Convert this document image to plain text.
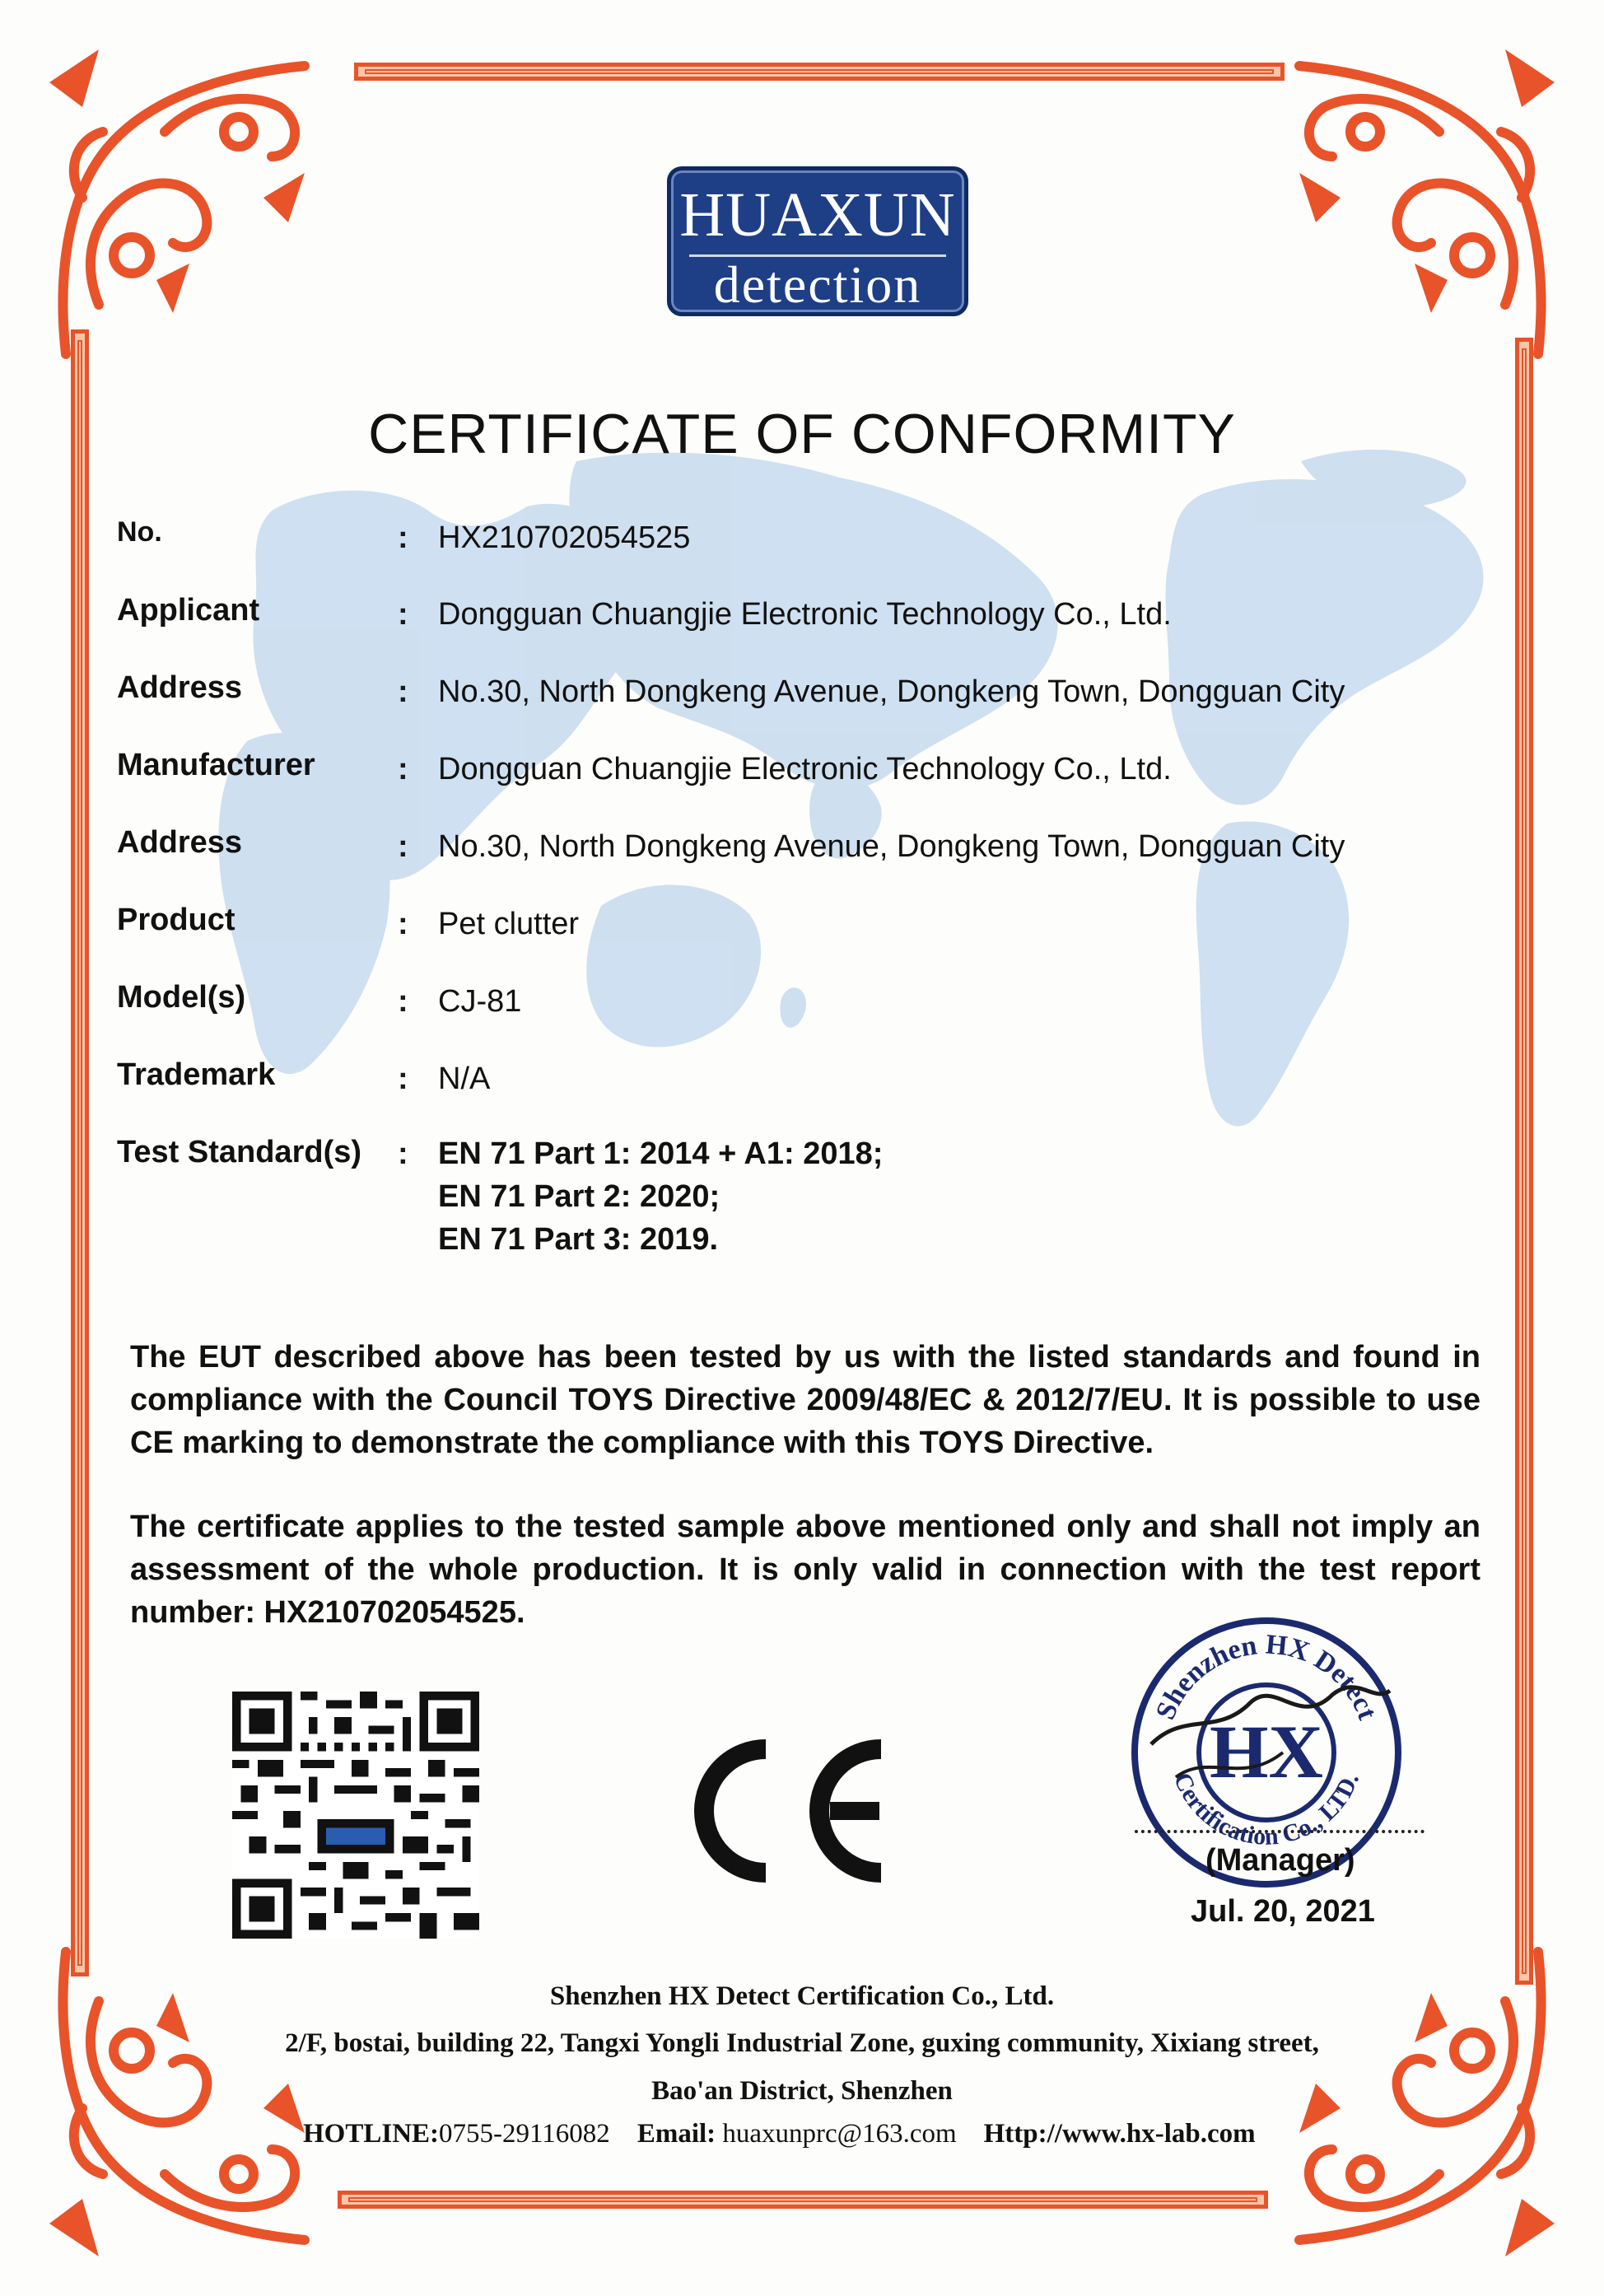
HUAXUN
detection
CERTIFICATE OF CONFORMITY
No.	: HX210702054525
Applicant	: Dongguan Chuangjie Electronic Technology Co., Ltd.
Address	: No.30, North Dongkeng Avenue, Dongkeng Town, Dongguan City
Manufacturer	: Dongguan Chuangjie Electronic Technology Co., Ltd.
Address	: No.30, North Dongkeng Avenue, Dongkeng Town, Dongguan City
Product	: Pet clutter
Model(s)	: CJ-81
Trademark	: N/A
Test Standard(s) : EN 71 Part 1: 2014 + A1: 2018;
EN 71 Part 2: 2020;
EN 71 Part 3: 2019.
The EUT described above has been tested by us with the listed standards and found in compliance with the Council TOYS Directive 2009/48/EC & 2012/7/EU. It is possible to use CE marking to demonstrate the compliance with this TOYS Directive.
The certificate applies to the tested sample above mentioned only and shall not imply an assessment of the whole production. It is only valid in connection with the test report number: HX210702054525.
Shenzhen HX Detect
Certification Co., LTD.
HX
(Manager)
Jul. 20, 2021
Shenzhen HX Detect Certification Co., Ltd.
2/F, bostai, building 22, Tangxi Yongli Industrial Zone, guxing community, Xixiang street,
Bao'an District, Shenzhen
HOTLINE:0755-29116082 Email: huaxunprc@163.com Http://www.hx-lab.com
